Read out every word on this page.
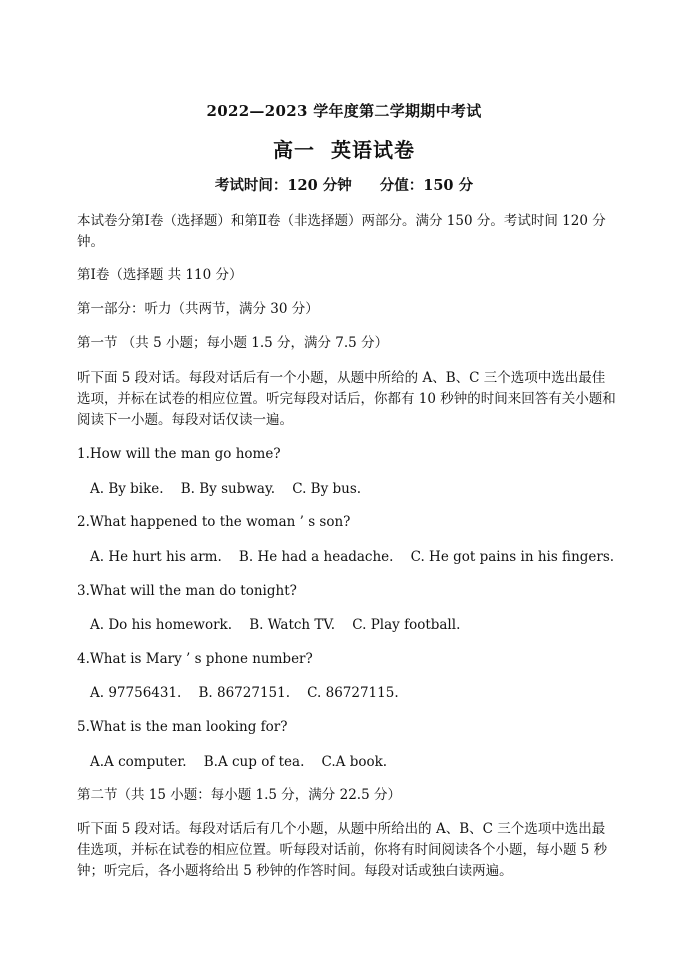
2022—2023 学年度第二学期期中考试
高一  英语试卷
考试时间：120 分钟 分值：150 分
本试卷分第Ⅰ卷（选择题）和第Ⅱ卷（非选择题）两部分。满分 150 分。考试时间 120 分钟。
第Ⅰ卷（选择题 共 110 分）
第一部分：听力（共两节，满分 30 分）
第一节 （共 5 小题；每小题 1.5 分，满分 7.5 分）
听下面 5 段对话。每段对话后有一个小题，从题中所给的 A、B、C 三个选项中选出最佳选项，并标在试卷的相应位置。听完每段对话后，你都有 10 秒钟的时间来回答有关小题和阅读下一小题。每段对话仅读一遍。
1.How will the man go home?
A. By bike.    B. By subway.    C. By bus.
2.What happened to the woman ’ s son?
A. He hurt his arm.    B. He had a headache.    C. He got pains in his fingers.
3.What will the man do tonight?
A. Do his homework.    B. Watch TV.    C. Play football.
4.What is Mary ’ s phone number?
A. 97756431.    B. 86727151.    C. 86727115.
5.What is the man looking for?
A.A computer.    B.A cup of tea.    C.A book.
第二节（共 15 小题：每小题 1.5 分，满分 22.5 分）
听下面 5 段对话。每段对话后有几个小题，从题中所给出的 A、B、C 三个选项中选出最佳选项，并标在试卷的相应位置。听每段对话前，你将有时间阅读各个小题，每小题 5 秒钟；听完后，各小题将给出 5 秒钟的作答时间。每段对话或独白读两遍。
